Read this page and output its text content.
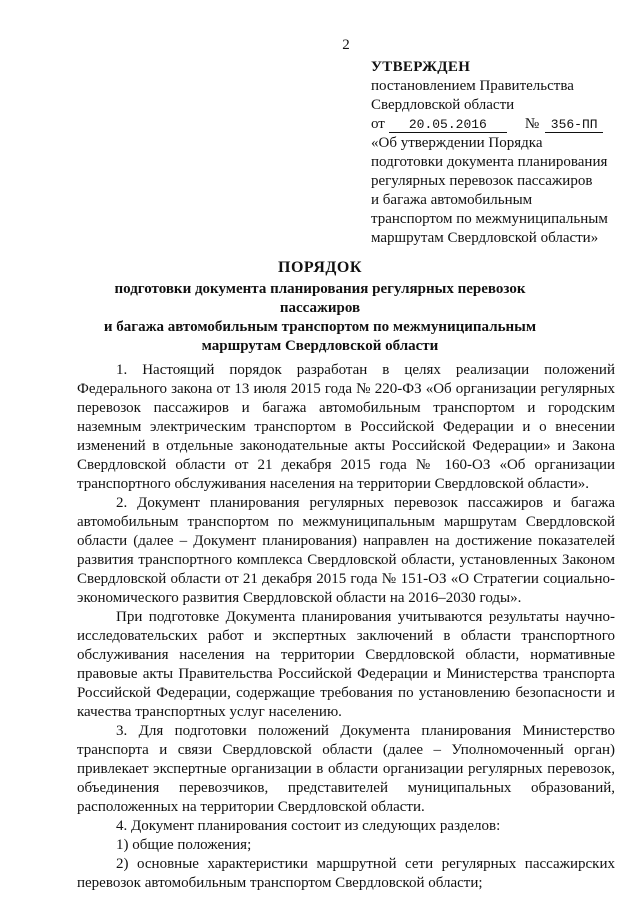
2
УТВЕРЖДЕН
постановлением Правительства
Свердловской области
от 20.05.2016	№ 356-ПП
«Об утверждении Порядка
подготовки документа планирования
регулярных перевозок пассажиров
и багажа автомобильным
транспортом по межмуниципальным
маршрутам Свердловской области»
ПОРЯДОК
подготовки документа планирования регулярных перевозок пассажиров
и багажа автомобильным транспортом по межмуниципальным
маршрутам Свердловской области

1. Настоящий порядок разработан в целях реализации положений Федерального закона от 13 июля 2015 года № 220-ФЗ «Об организации регулярных перевозок пассажиров и багажа автомобильным транспортом и городским наземным электрическим транспортом в Российской Федерации и о внесении изменений в отдельные законодательные акты Российской Федерации» и Закона Свердловской области от 21 декабря 2015 года № 160-ОЗ «Об организации транспортного обслуживания населения на территории Свердловской области».

2. Документ планирования регулярных перевозок пассажиров и багажа автомобильным транспортом по межмуниципальным маршрутам Свердловской области (далее – Документ планирования) направлен на достижение показателей развития транспортного комплекса Свердловской области, установленных Законом Свердловской области от 21 декабря 2015 года № 151-ОЗ «О Стратегии социально-экономического развития Свердловской области на 2016–2030 годы».

При подготовке Документа планирования учитываются результаты научно-исследовательских работ и экспертных заключений в области транспортного обслуживания населения на территории Свердловской области, нормативные правовые акты Правительства Российской Федерации и Министерства транспорта Российской Федерации, содержащие требования по установлению безопасности и качества транспортных услуг населению.

3. Для подготовки положений Документа планирования Министерство транспорта и связи Свердловской области (далее – Уполномоченный орган) привлекает экспертные организации в области организации регулярных перевозок, объединения перевозчиков, представителей муниципальных образований, расположенных на территории Свердловской области.

4. Документ планирования состоит из следующих разделов:

1) общие положения;

2) основные характеристики маршрутной сети регулярных пассажирских перевозок автомобильным транспортом Свердловской области;
